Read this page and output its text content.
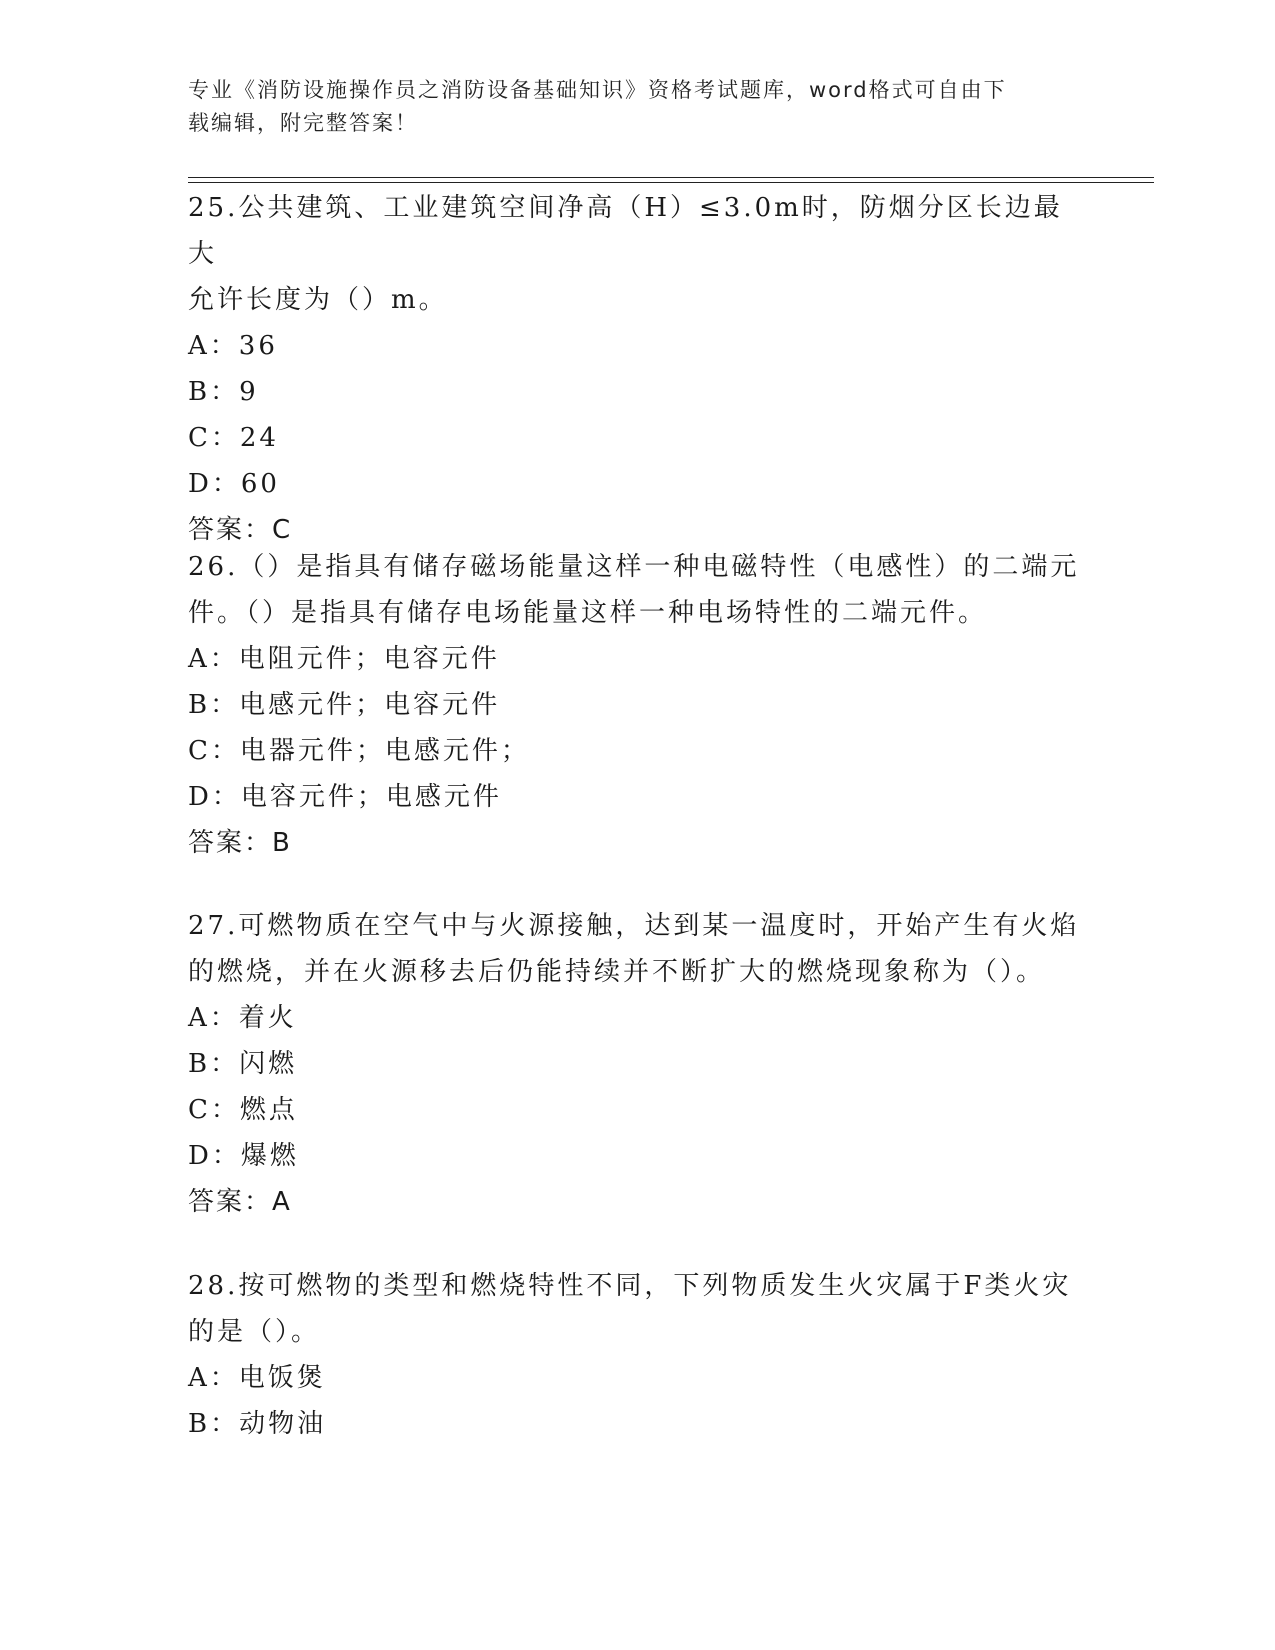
专业《消防设施操作员之消防设备基础知识》资格考试题库，word格式可自由下
载编辑，附完整答案！

25.公共建筑、工业建筑空间净高（H）≤3.0m时，防烟分区长边最大

允许长度为（）m。

A：36

B：9

C：24

D：60

答案：C

26.（）是指具有储存磁场能量这样一种电磁特性（电感性）的二端元

件。（）是指具有储存电场能量这样一种电场特性的二端元件。

A：电阻元件；电容元件

B：电感元件；电容元件

C：电器元件；电感元件；

D：电容元件；电感元件

答案：B

27.可燃物质在空气中与火源接触，达到某一温度时，开始产生有火焰

的燃烧，并在火源移去后仍能持续并不断扩大的燃烧现象称为（）。

A：着火

B：闪燃

C：燃点

D：爆燃

答案：A

28.按可燃物的类型和燃烧特性不同，下列物质发生火灾属于F类火灾

的是（）。

A：电饭煲

B：动物油
